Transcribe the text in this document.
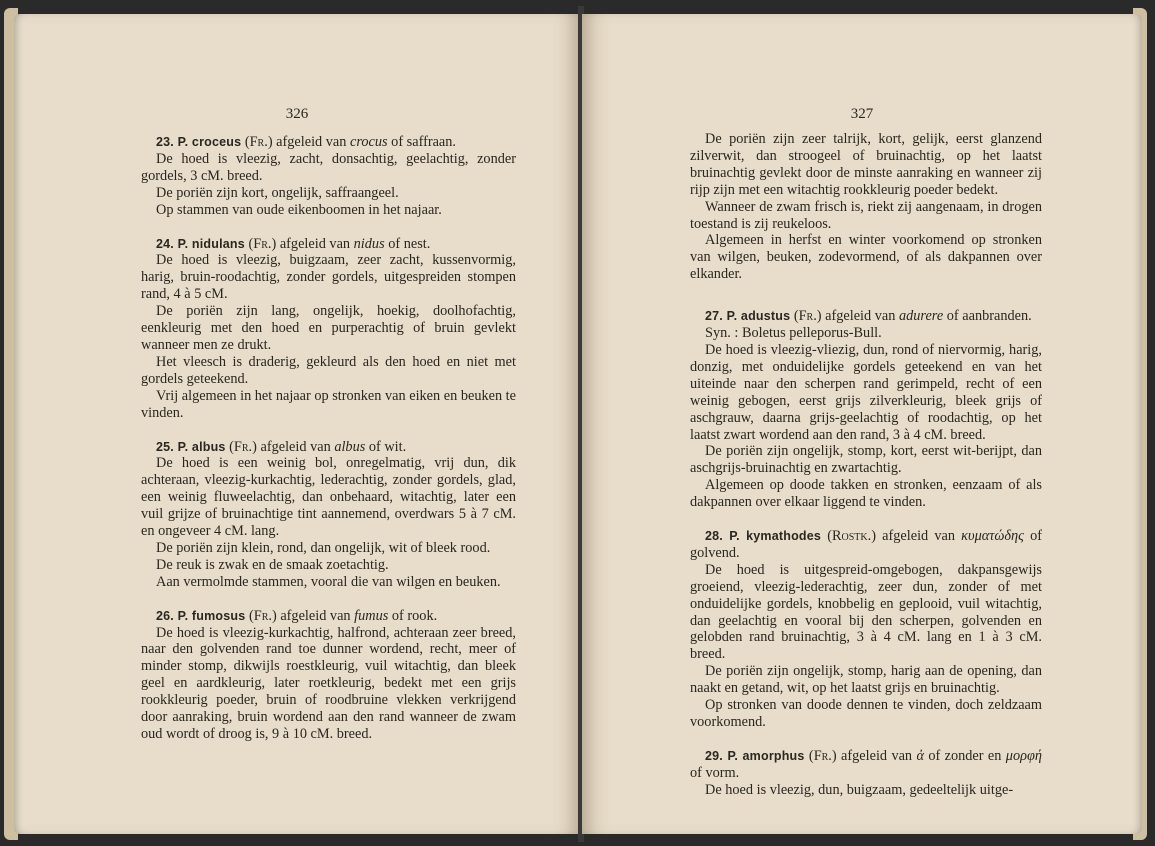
326

23. P. croceus (Fr.) afgeleid van crocus of saffraan.

De hoed is vleezig, zacht, donsachtig, geelachtig, zonder gordels, 3 cM. breed.

De poriën zijn kort, ongelijk, saffraangeel.

Op stammen van oude eikenboomen in het najaar.

24. P. nidulans (Fr.) afgeleid van nidus of nest.

De hoed is vleezig, buigzaam, zeer zacht, kussenvormig, harig, bruin-roodachtig, zonder gordels, uitgespreiden stompen rand, 4 à 5 cM.

De poriën zijn lang, ongelijk, hoekig, doolhofachtig, eenkleurig met den hoed en purperachtig of bruin gevlekt wanneer men ze drukt.

Het vleesch is draderig, gekleurd als den hoed en niet met gordels geteekend.

Vrij algemeen in het najaar op stronken van eiken en beuken te vinden.

25. P. albus (Fr.) afgeleid van albus of wit.

De hoed is een weinig bol, onregelmatig, vrij dun, dik achteraan, vleezig-kurkachtig, lederachtig, zonder gordels, glad, een weinig fluweelachtig, dan onbehaard, witachtig, later een vuil grijze of bruinachtige tint aannemend, overdwars 5 à 7 cM. en ongeveer 4 cM. lang.

De poriën zijn klein, rond, dan ongelijk, wit of bleek rood.

De reuk is zwak en de smaak zoetachtig.

Aan vermolmde stammen, vooral die van wilgen en beuken.

26. P. fumosus (Fr.) afgeleid van fumus of rook.

De hoed is vleezig-kurkachtig, halfrond, achteraan zeer breed, naar den golvenden rand toe dunner wordend, recht, meer of minder stomp, dikwijls roestkleurig, vuil witachtig, dan bleek geel en aardkleurig, later roetkleurig, bedekt met een grijs rookkleurig poeder, bruin of roodbruine vlekken verkrijgend door aanraking, bruin wordend aan den rand wanneer de zwam oud wordt of droog is, 9 à 10 cM. breed.

327

De poriën zijn zeer talrijk, kort, gelijk, eerst glanzend zilverwit, dan stroogeel of bruinachtig, op het laatst bruinachtig gevlekt door de minste aanraking en wanneer zij rijp zijn met een witachtig rookkleurig poeder bedekt.

Wanneer de zwam frisch is, riekt zij aangenaam, in drogen toestand is zij reukeloos.

Algemeen in herfst en winter voorkomend op stronken van wilgen, beuken, zodevormend, of als dakpannen over elkander.

27. P. adustus (Fr.) afgeleid van adurere of aanbranden.

Syn. : Boletus pelleporus-Bull.

De hoed is vleezig-vliezig, dun, rond of niervormig, harig, donzig, met onduidelijke gordels geteekend en van het uiteinde naar den scherpen rand gerimpeld, recht of een weinig gebogen, eerst grijs zilverkleurig, bleek grijs of aschgrauw, daarna grijs-geelachtig of roodachtig, op het laatst zwart wordend aan den rand, 3 à 4 cM. breed.

De poriën zijn ongelijk, stomp, kort, eerst wit-berijpt, dan aschgrijs-bruinachtig en zwartachtig.

Algemeen op doode takken en stronken, eenzaam of als dakpannen over elkaar liggend te vinden.

28. P. kymathodes (Rostk.) afgeleid van κυματώδης of golvend.

De hoed is uitgespreid-omgebogen, dakpansgewijs groeiend, vleezig-lederachtig, zeer dun, zonder of met onduidelijke gordels, knobbelig en geplooid, vuil witachtig, dan geelachtig en vooral bij den scherpen, golvenden en gelobden rand bruinachtig, 3 à 4 cM. lang en 1 à 3 cM. breed.

De poriën zijn ongelijk, stomp, harig aan de opening, dan naakt en getand, wit, op het laatst grijs en bruinachtig.

Op stronken van doode dennen te vinden, doch zeldzaam voorkomend.

29. P. amorphus (Fr.) afgeleid van ἀ of zonder en μορφή of vorm.

De hoed is vleezig, dun, buigzaam, gedeeltelijk uitge-
